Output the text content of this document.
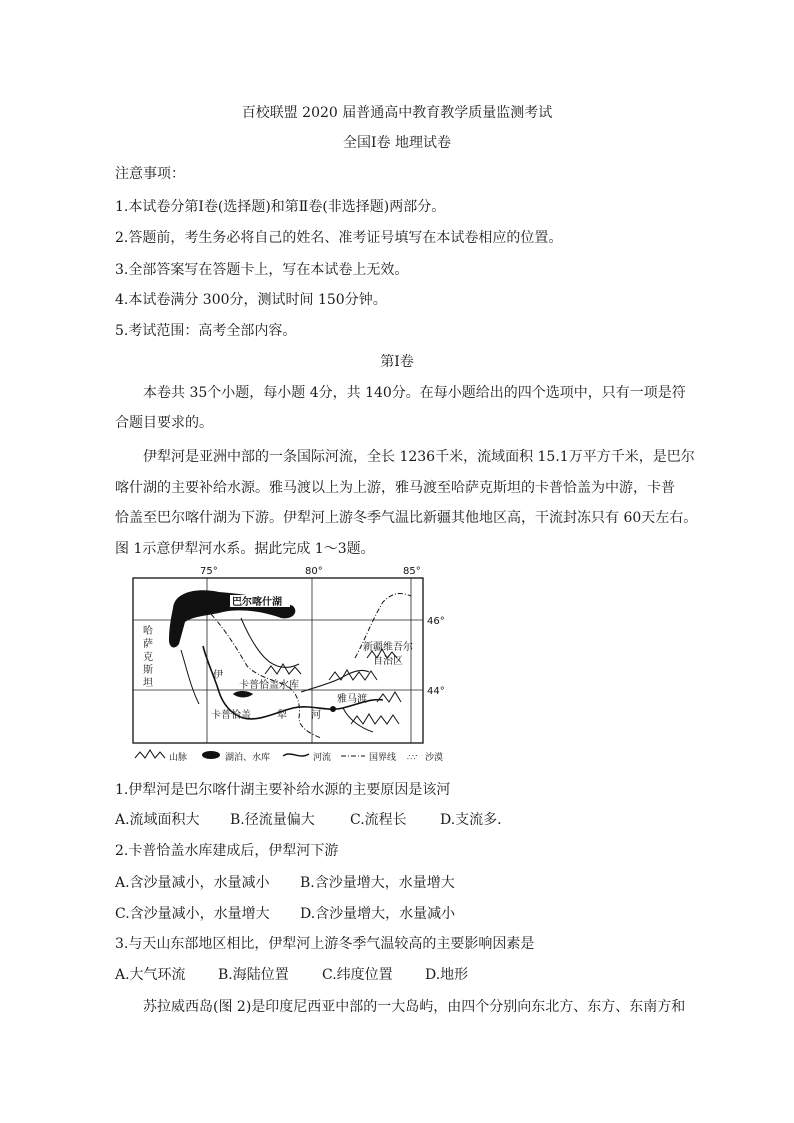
百校联盟 2020 届普通高中教育教学质量监测考试
全国Ⅰ卷 地理试卷
注意事项：
1.本试卷分第Ⅰ卷(选择题)和第Ⅱ卷(非选择题)两部分。
2.答题前，考生务必将自己的姓名、准考证号填写在本试卷相应的位置。
3.全部答案写在答题卡上，写在本试卷上无效。
4.本试卷满分 300分，测试时间 150分钟。
5.考试范围：高考全部内容。
第Ⅰ卷
本卷共 35个小题，每小题 4分，共 140分。在每小题给出的四个选项中，只有一项是符
合题目要求的。
伊犁河是亚洲中部的一条国际河流，全长 1236千米，流域面积 15.1万平方千米，是巴尔
喀什湖的主要补给水源。雅马渡以上为上游，雅马渡至哈萨克斯坦的卡普恰盖为中游，卡普
恰盖至巴尔喀什湖为下游。伊犁河上游冬季气温比新疆其他地区高，干流封冻只有 60天左右。
图 1示意伊犁河水系。据此完成 1～3题。
75°	80°	85°
46°
44°
巴尔喀什湖
哈
萨
克
斯
坦
新疆维吾尔
自治区
伊
卡普恰盖水库
卡普恰盖	犁
雅马渡
河
山脉	湖泊、水库	河流	国界线 ∴∵ 沙漠
1.伊犁河是巴尔喀什湖主要补给水源的主要原因是该河
A.流域面积大 B.径流量偏大	C.流程长 D.支流多.
2.卡普恰盖水库建成后，伊犁河下游
A.含沙量减小，水量减小 B.含沙量增大，水量增大
C.含沙量减小，水量增大 D.含沙量增大，水量减小
3.与天山东部地区相比，伊犁河上游冬季气温较高的主要影响因素是
A.大气环流 B.海陆位置 C.纬度位置 D.地形
苏拉威西岛(图 2)是印度尼西亚中部的一大岛屿，由四个分别向东北方、东方、东南方和
